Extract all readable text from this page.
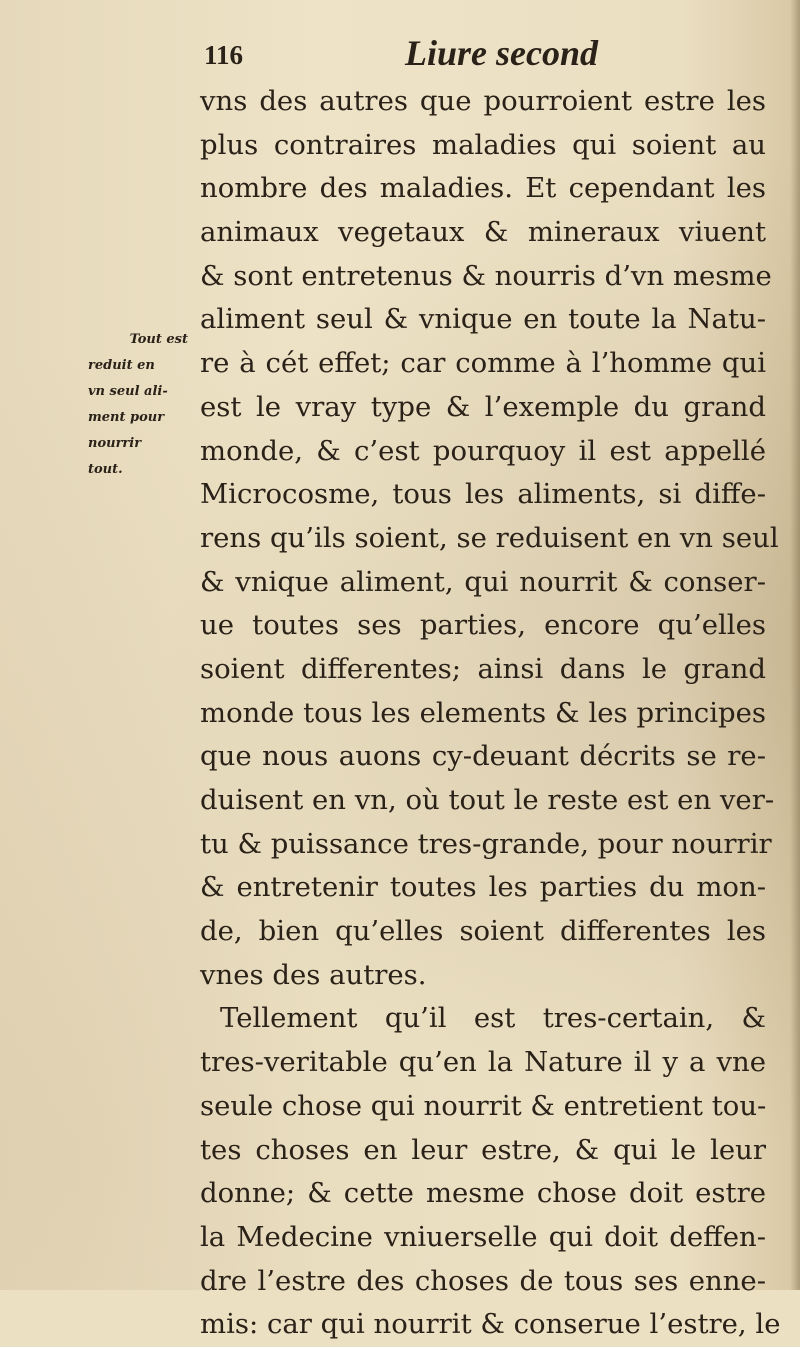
116	Liure second
Tout est
reduit en
vn seul ali-
ment pour
nourrir
tout.
vns des autres que pourroient estre les
plus contraires maladies qui soient au
nombre des maladies. Et cependant les
animaux vegetaux & mineraux viuent
& sont entretenus & nourris d’vn mesme
aliment seul & vnique en toute la Natu-
re à cét effet; car comme à l’homme qui
est le vray type & l’exemple du grand
monde, & c’est pourquoy il est appellé
Microcosme, tous les aliments, si diffe-
rens qu’ils soient, se reduisent en vn seul
& vnique aliment, qui nourrit & conser-
ue toutes ses parties, encore qu’elles
soient differentes; ainsi dans le grand
monde tous les elements & les principes
que nous auons cy-deuant décrits se re-
duisent en vn, où tout le reste est en ver-
tu & puissance tres-grande, pour nourrir
& entretenir toutes les parties du mon-
de, bien qu’elles soient differentes les
vnes des autres.
Tellement qu’il est tres-certain, &
tres-veritable qu’en la Nature il y a vne
seule chose qui nourrit & entretient tou-
tes choses en leur estre, & qui le leur
donne; & cette mesme chose doit estre
la Medecine vniuerselle qui doit deffen-
dre l’estre des choses de tous ses enne-
mis: car qui nourrit & conserue l’estre, le
